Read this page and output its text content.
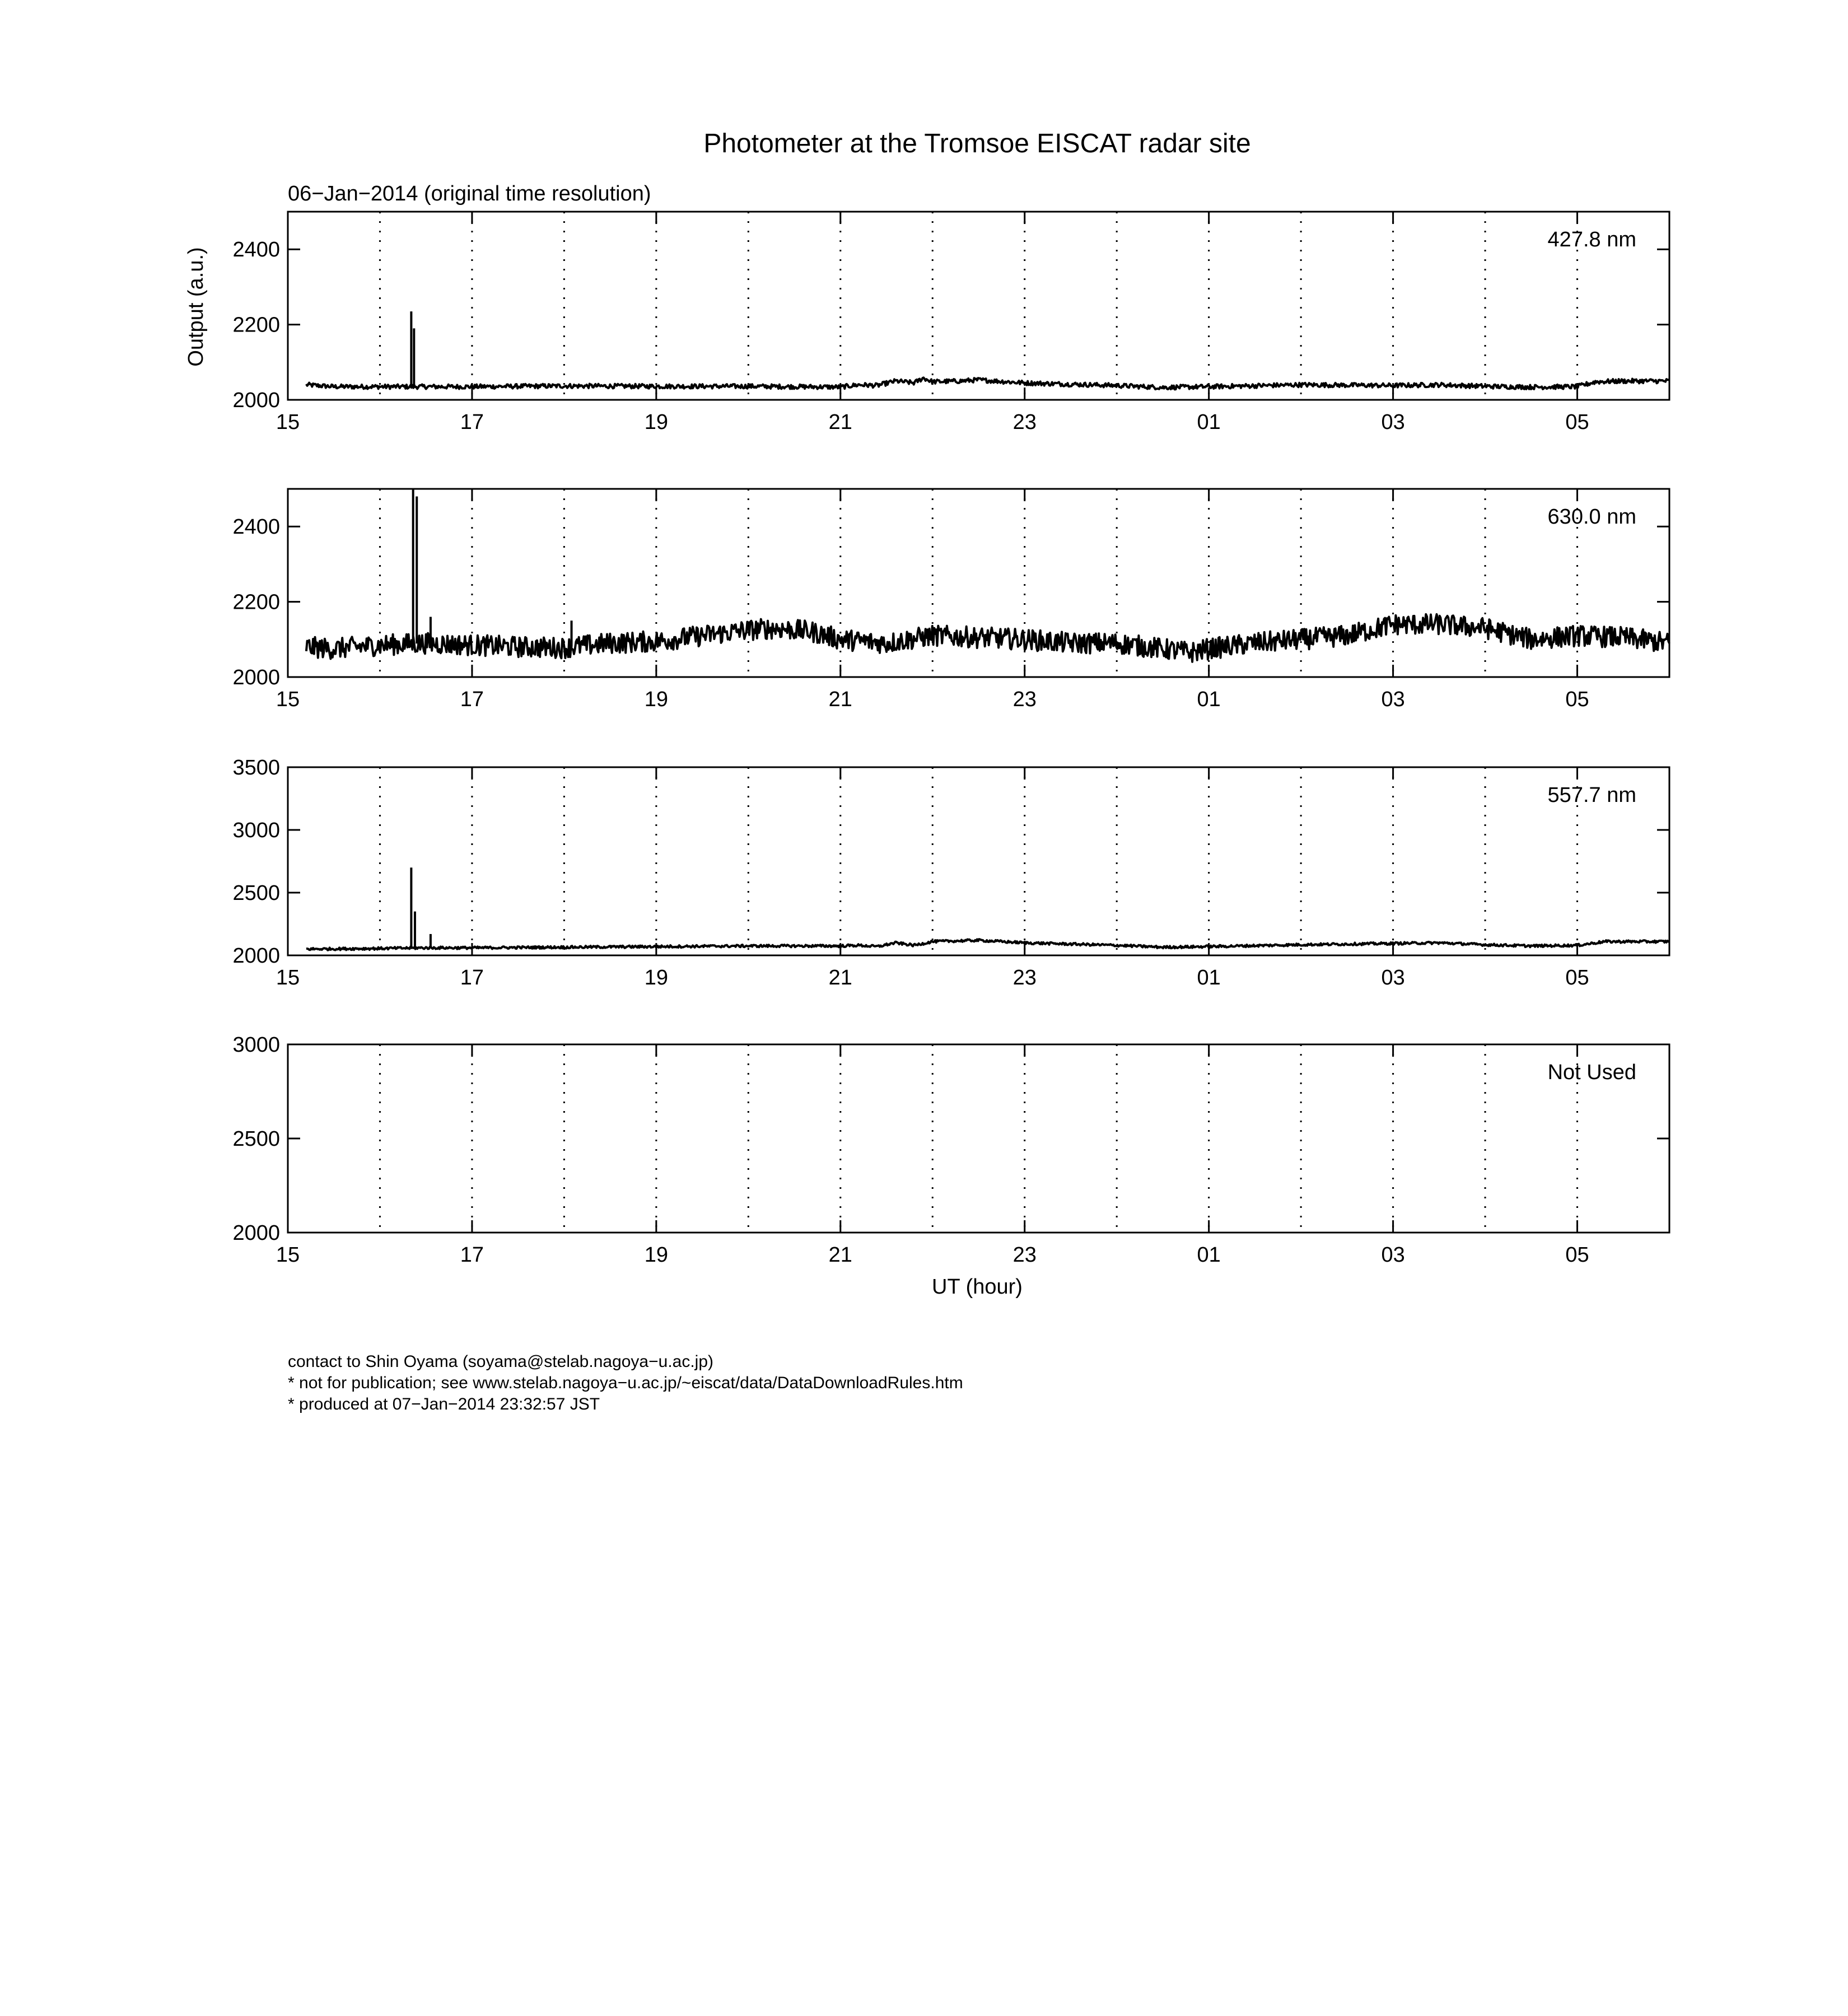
Photometer at the Tromsoe EISCAT radar site
06−Jan−2014 (original time resolution)
Output (a.u.)
UT (hour)
2000
2200
2400
15	17	19	21	23	01	03	05
427.8 nm
2000
2200
2400
15	17	19	21	23	01	03	05
630.0 nm
2000
2500
3000
3500
15	17	19	21	23	01	03	05
557.7 nm
2000
2500
3000
15	17	19	21	23	01	03	05
Not Used
contact to Shin Oyama (soyama@stelab.nagoya−u.ac.jp)
* not for publication; see www.stelab.nagoya−u.ac.jp/~eiscat/data/DataDownloadRules.htm
* produced at 07−Jan−2014 23:32:57 JST
